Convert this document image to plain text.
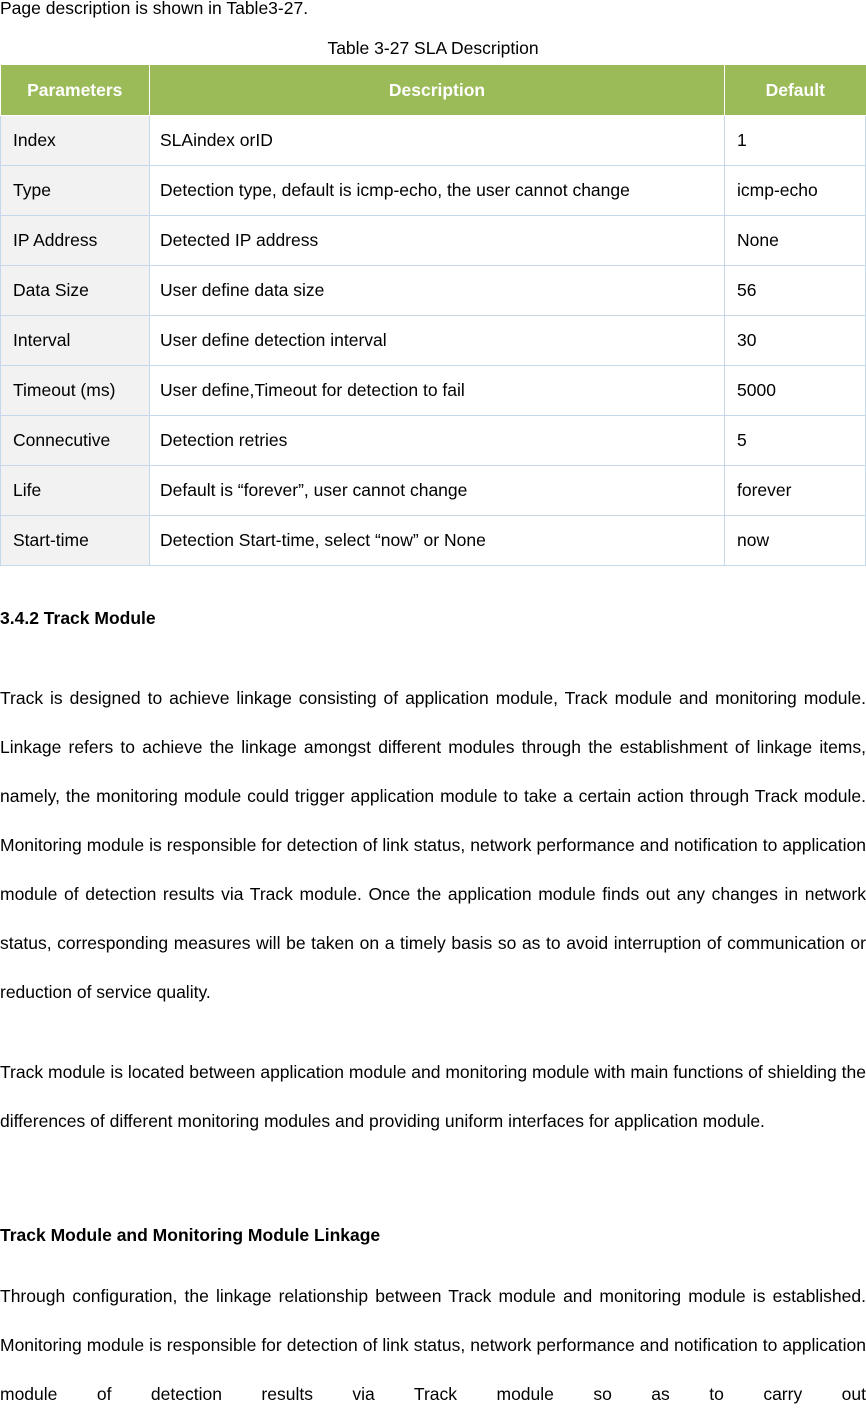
Page description is shown in Table3-27.
Table 3-27 SLA Description
Parameters	Description	Default
Index	SLAindex orID	1
Type	Detection type, default is icmp-echo, the user cannot change	icmp-echo
IP Address	Detected IP address	None
Data Size	User define data size	56
Interval	User define detection interval	30
Timeout (ms)	User define,Timeout for detection to fail	5000
Connecutive	Detection retries	5
Life	Default is “forever”, user cannot change	forever
Start-time	Detection Start-time, select “now” or None	now
3.4.2 Track Module
Track is designed to achieve linkage consisting of application module, Track module and monitoring module. Linkage refers to achieve the linkage amongst different modules through the establishment of linkage items, namely, the monitoring module could trigger application module to take a certain action through Track module. Monitoring module is responsible for detection of link status, network performance and notification to application module of detection results via Track module. Once the application module finds out any changes in network status, corresponding measures will be taken on a timely basis so as to avoid interruption of communication or reduction of service quality.
Track module is located between application module and monitoring module with main functions of shielding the differences of different monitoring modules and providing uniform interfaces for application module.
Track Module and Monitoring Module Linkage
Through configuration, the linkage relationship between Track module and monitoring module is established. Monitoring module is responsible for detection of link status, network performance and notification to application module of detection results via Track module so as to carry out
